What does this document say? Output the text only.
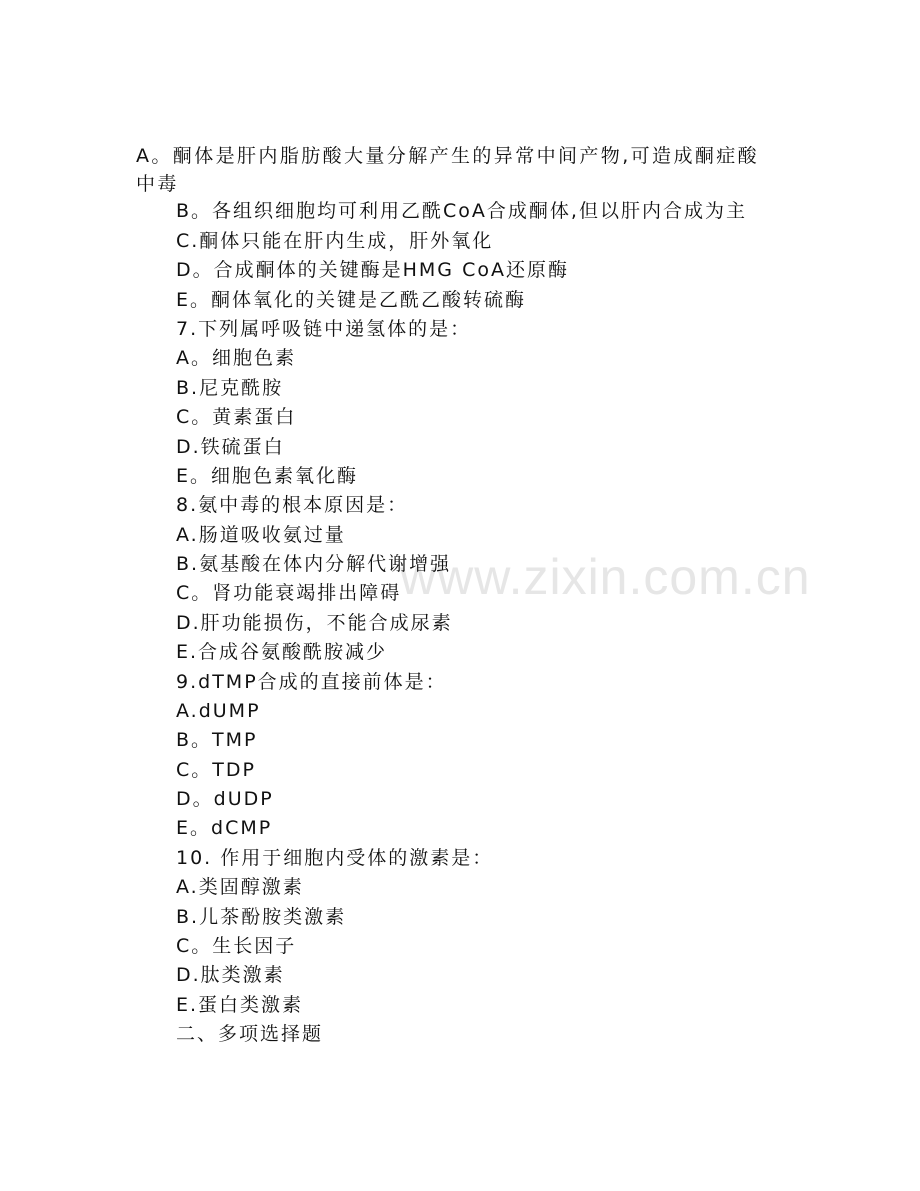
www.zixin.com.cn
A。酮体是肝内脂肪酸大量分解产生的异常中间产物,可造成酮症酸中毒
B。各组织细胞均可利用乙酰CoA合成酮体,但以肝内合成为主
C.酮体只能在肝内生成，肝外氧化
D。合成酮体的关键酶是HMG CoA还原酶
E。酮体氧化的关键是乙酰乙酸转硫酶
7.下列属呼吸链中递氢体的是：
A。细胞色素
B.尼克酰胺
C。黄素蛋白
D.铁硫蛋白
E。细胞色素氧化酶
8.氨中毒的根本原因是：
A.肠道吸收氨过量
B.氨基酸在体内分解代谢增强
C。肾功能衰竭排出障碍
D.肝功能损伤，不能合成尿素
E.合成谷氨酸酰胺减少
9.dTMP合成的直接前体是：
A.dUMP
B。TMP
C。TDP
D。dUDP
E。dCMP
10. 作用于细胞内受体的激素是：
A.类固醇激素
B.儿茶酚胺类激素
C。生长因子
D.肽类激素
E.蛋白类激素
二、多项选择题
